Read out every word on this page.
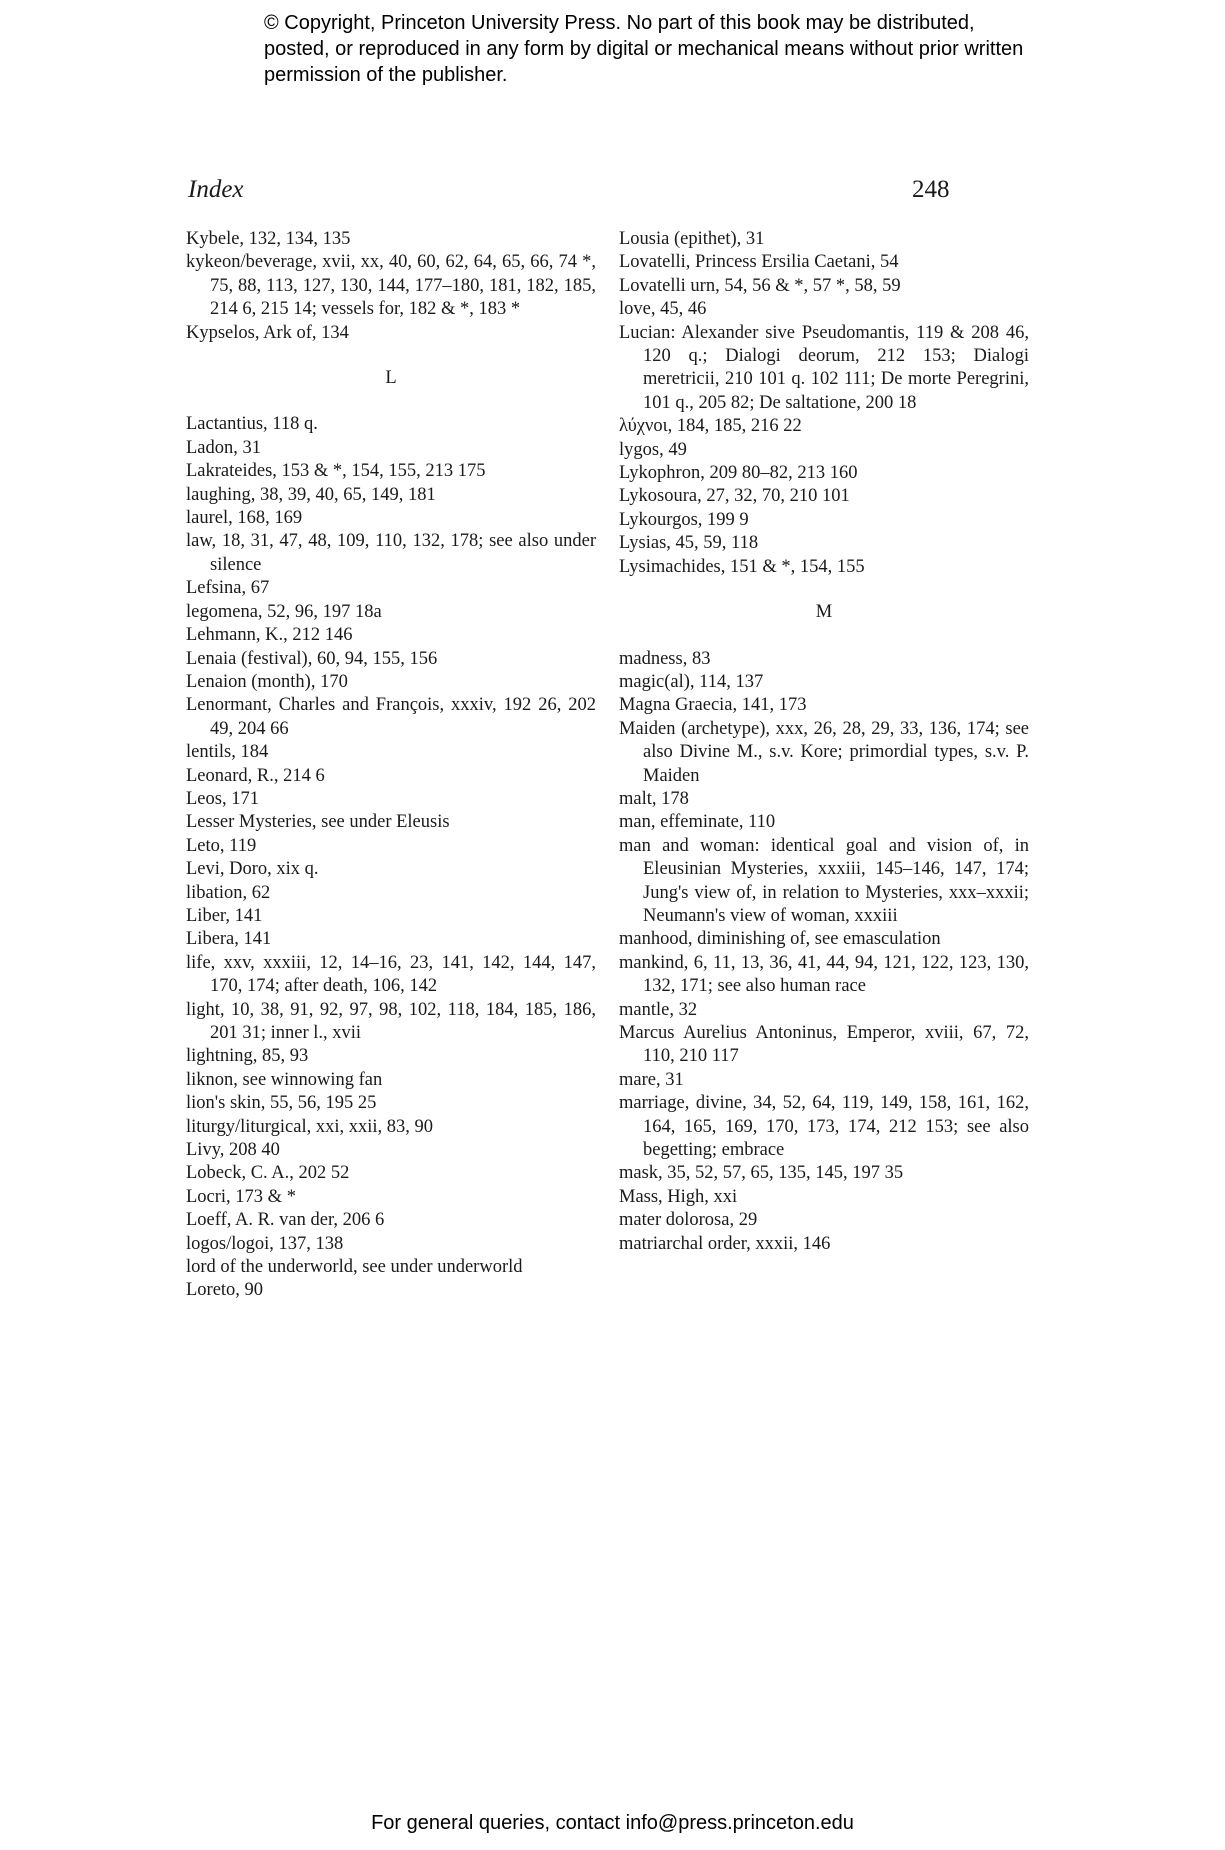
© Copyright, Princeton University Press. No part of this book may be distributed, posted, or reproduced in any form by digital or mechanical means without prior written permission of the publisher.
Index	248
Kybele, 132, 134, 135
kykeon/beverage, xvii, xx, 40, 60, 62, 64, 65, 66, 74 *, 75, 88, 113, 127, 130, 144, 177–180, 181, 182, 185, 214 6, 215 14; vessels for, 182 & *, 183 *
Kypselos, Ark of, 134
L
Lactantius, 118 q.
Ladon, 31
Lakrateides, 153 & *, 154, 155, 213 175
laughing, 38, 39, 40, 65, 149, 181
laurel, 168, 169
law, 18, 31, 47, 48, 109, 110, 132, 178; see also under silence
Lefsina, 67
legomena, 52, 96, 197 18a
Lehmann, K., 212 146
Lenaia (festival), 60, 94, 155, 156
Lenaion (month), 170
Lenormant, Charles and François, xxxiv, 192 26, 202 49, 204 66
lentils, 184
Leonard, R., 214 6
Leos, 171
Lesser Mysteries, see under Eleusis
Leto, 119
Levi, Doro, xix q.
libation, 62
Liber, 141
Libera, 141
life, xxv, xxxiii, 12, 14–16, 23, 141, 142, 144, 147, 170, 174; after death, 106, 142
light, 10, 38, 91, 92, 97, 98, 102, 118, 184, 185, 186, 201 31; inner l., xvii
lightning, 85, 93
liknon, see winnowing fan
lion's skin, 55, 56, 195 25
liturgy/liturgical, xxi, xxii, 83, 90
Livy, 208 40
Lobeck, C. A., 202 52
Locri, 173 & *
Loeff, A. R. van der, 206 6
logos/logoi, 137, 138
lord of the underworld, see under underworld
Loreto, 90
Lousia (epithet), 31
Lovatelli, Princess Ersilia Caetani, 54
Lovatelli urn, 54, 56 & *, 57 *, 58, 59
love, 45, 46
Lucian: Alexander sive Pseudomantis, 119 & 208 46, 120 q.; Dialogi deorum, 212 153; Dialogi meretricii, 210 101 q. 102 111; De morte Peregrini, 101 q., 205 82; De saltatione, 200 18
λύχνοι, 184, 185, 216 22
lygos, 49
Lykophron, 209 80–82, 213 160
Lykosoura, 27, 32, 70, 210 101
Lykourgos, 199 9
Lysias, 45, 59, 118
Lysimachides, 151 & *, 154, 155
M
madness, 83
magic(al), 114, 137
Magna Graecia, 141, 173
Maiden (archetype), xxx, 26, 28, 29, 33, 136, 174; see also Divine M., s.v. Kore; primordial types, s.v. P. Maiden
malt, 178
man, effeminate, 110
man and woman: identical goal and vision of, in Eleusinian Mysteries, xxxiii, 145–146, 147, 174; Jung's view of, in relation to Mysteries, xxx–xxxii; Neumann's view of woman, xxxiii
manhood, diminishing of, see emasculation
mankind, 6, 11, 13, 36, 41, 44, 94, 121, 122, 123, 130, 132, 171; see also human race
mantle, 32
Marcus Aurelius Antoninus, Emperor, xviii, 67, 72, 110, 210 117
mare, 31
marriage, divine, 34, 52, 64, 119, 149, 158, 161, 162, 164, 165, 169, 170, 173, 174, 212 153; see also begetting; embrace
mask, 35, 52, 57, 65, 135, 145, 197 35
Mass, High, xxi
mater dolorosa, 29
matriarchal order, xxxii, 146
For general queries, contact info@press.princeton.edu
